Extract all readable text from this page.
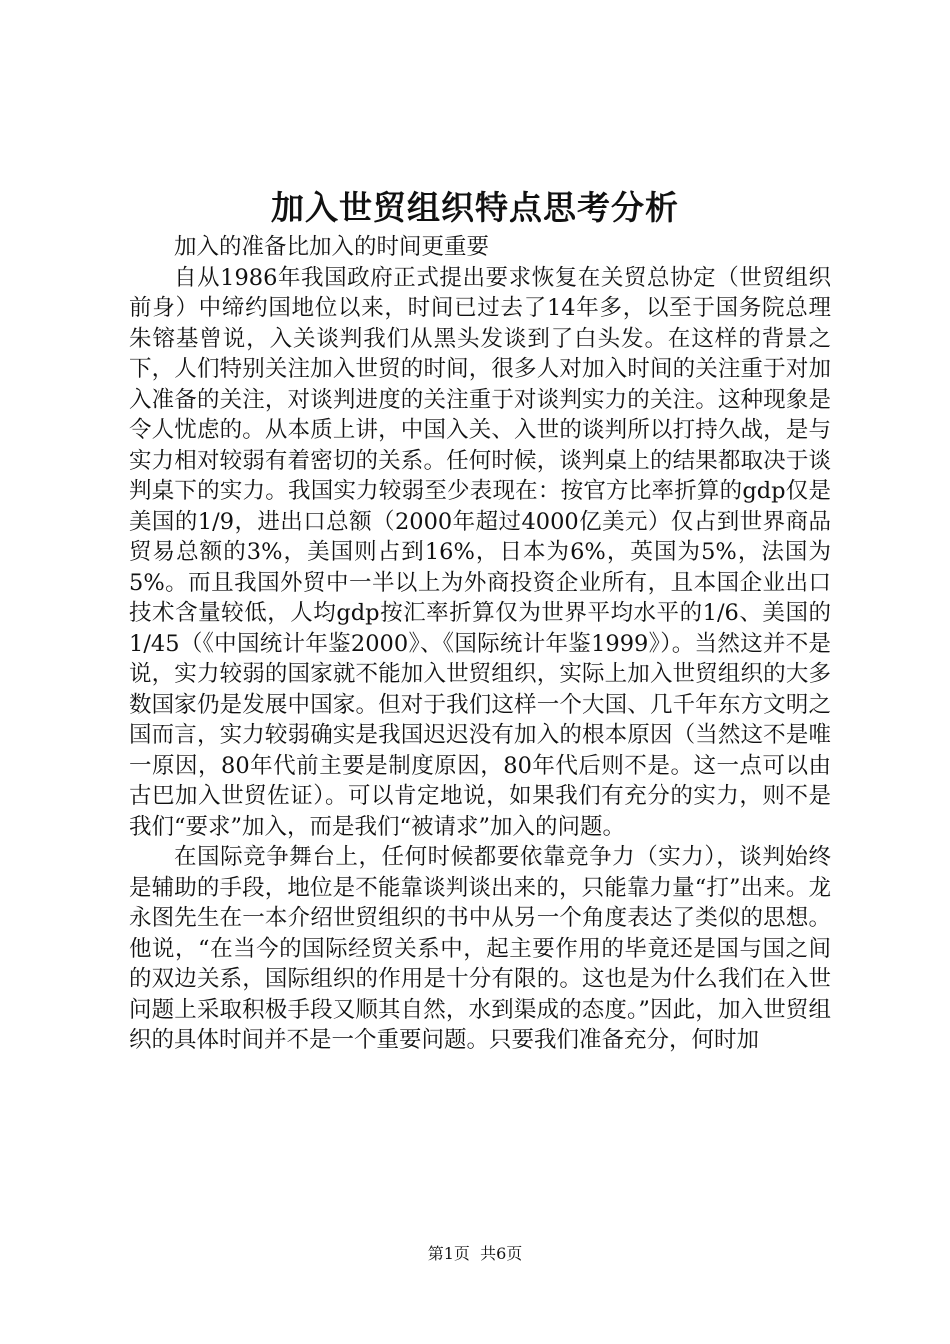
加入世贸组织特点思考分析

加入的准备比加入的时间更重要

自从1986年我国政府正式提出要求恢复在关贸总协定（世贸组织前身）中缔约国地位以来，时间已过去了14年多，以至于国务院总理朱镕基曾说，入关谈判我们从黑头发谈到了白头发。在这样的背景之下，人们特别关注加入世贸的时间，很多人对加入时间的关注重于对加入准备的关注，对谈判进度的关注重于对谈判实力的关注。这种现象是令人忧虑的。从本质上讲，中国入关、入世的谈判所以打持久战，是与实力相对较弱有着密切的关系。任何时候，谈判桌上的结果都取决于谈判桌下的实力。我国实力较弱至少表现在：按官方比率折算的gdp仅是美国的1/9，进出口总额（2000年超过4000亿美元）仅占到世界商品贸易总额的3%，美国则占到16%，日本为6%，英国为5%，法国为5%。而且我国外贸中一半以上为外商投资企业所有，且本国企业出口技术含量较低，人均gdp按汇率折算仅为世界平均水平的1/6、美国的1/45（《中国统计年鉴2000》、《国际统计年鉴1999》）。当然这并不是说，实力较弱的国家就不能加入世贸组织，实际上加入世贸组织的大多数国家仍是发展中国家。但对于我们这样一个大国、几千年东方文明之国而言，实力较弱确实是我国迟迟没有加入的根本原因（当然这不是唯一原因，80年代前主要是制度原因，80年代后则不是。这一点可以由古巴加入世贸佐证）。可以肯定地说，如果我们有充分的实力，则不是我们“要求”加入，而是我们“被请求”加入的问题。

在国际竞争舞台上，任何时候都要依靠竞争力（实力），谈判始终是辅助的手段，地位是不能靠谈判谈出来的，只能靠力量“打”出来。龙永图先生在一本介绍世贸组织的书中从另一个角度表达了类似的思想。他说，“在当今的国际经贸关系中，起主要作用的毕竟还是国与国之间的双边关系，国际组织的作用是十分有限的。这也是为什么我们在入世问题上采取积极手段又顺其自然，水到渠成的态度。”因此，加入世贸组织的具体时间并不是一个重要问题。只要我们准备充分，何时加

第1页  共6页
